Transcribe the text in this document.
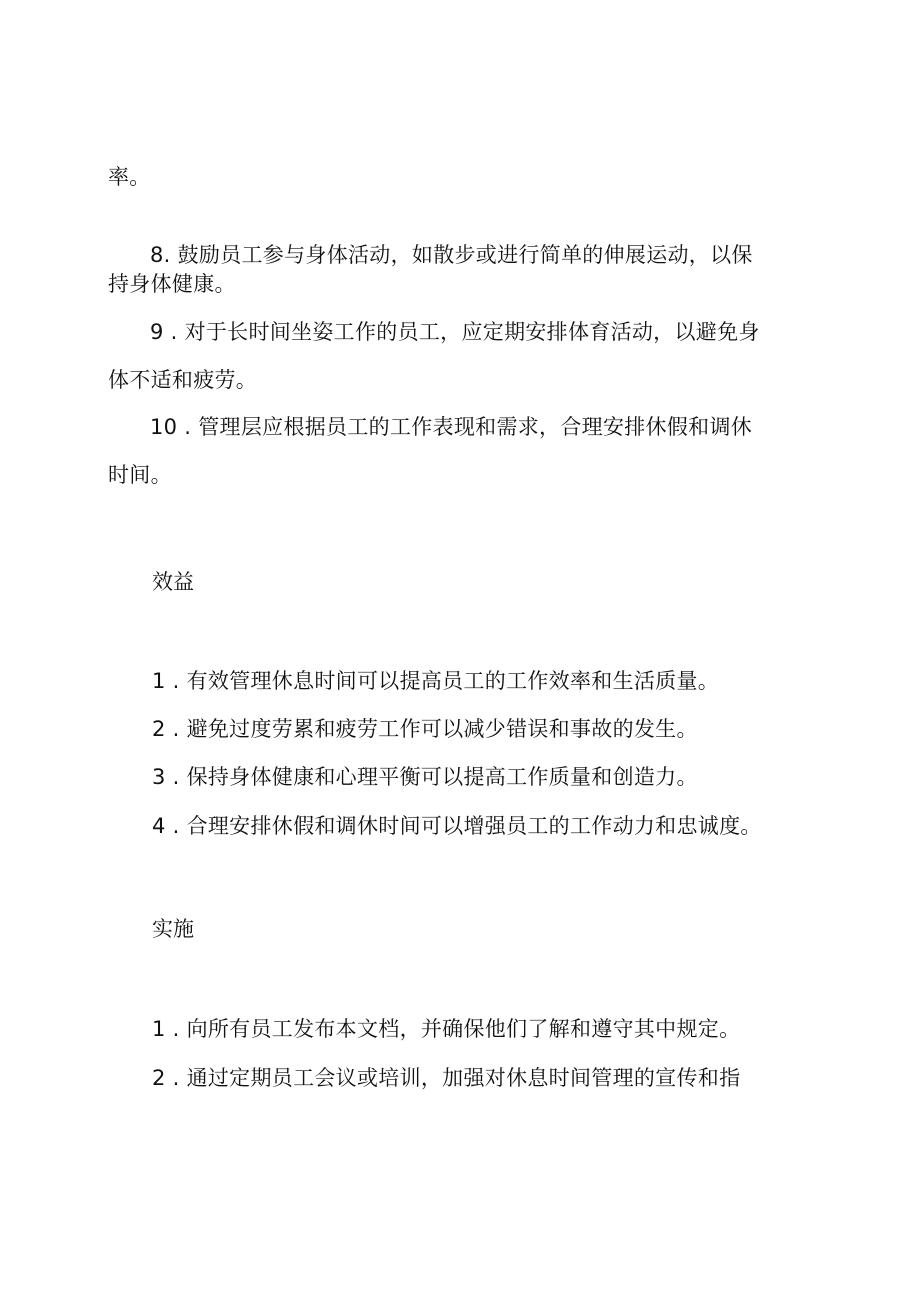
率。
8. 鼓励员工参与身体活动，如散步或进行简单的伸展运动，以保
持身体健康。
9 . 对于长时间坐姿工作的员工，应定期安排体育活动，以避免身
体不适和疲劳。
10 . 管理层应根据员工的工作表现和需求，合理安排休假和调休
时间。
效益
1 . 有效管理休息时间可以提高员工的工作效率和生活质量。
2 . 避免过度劳累和疲劳工作可以减少错误和事故的发生。
3 . 保持身体健康和心理平衡可以提高工作质量和创造力。
4 . 合理安排休假和调休时间可以增强员工的工作动力和忠诚度。
实施
1 . 向所有员工发布本文档，并确保他们了解和遵守其中规定。
2 . 通过定期员工会议或培训，加强对休息时间管理的宣传和指
